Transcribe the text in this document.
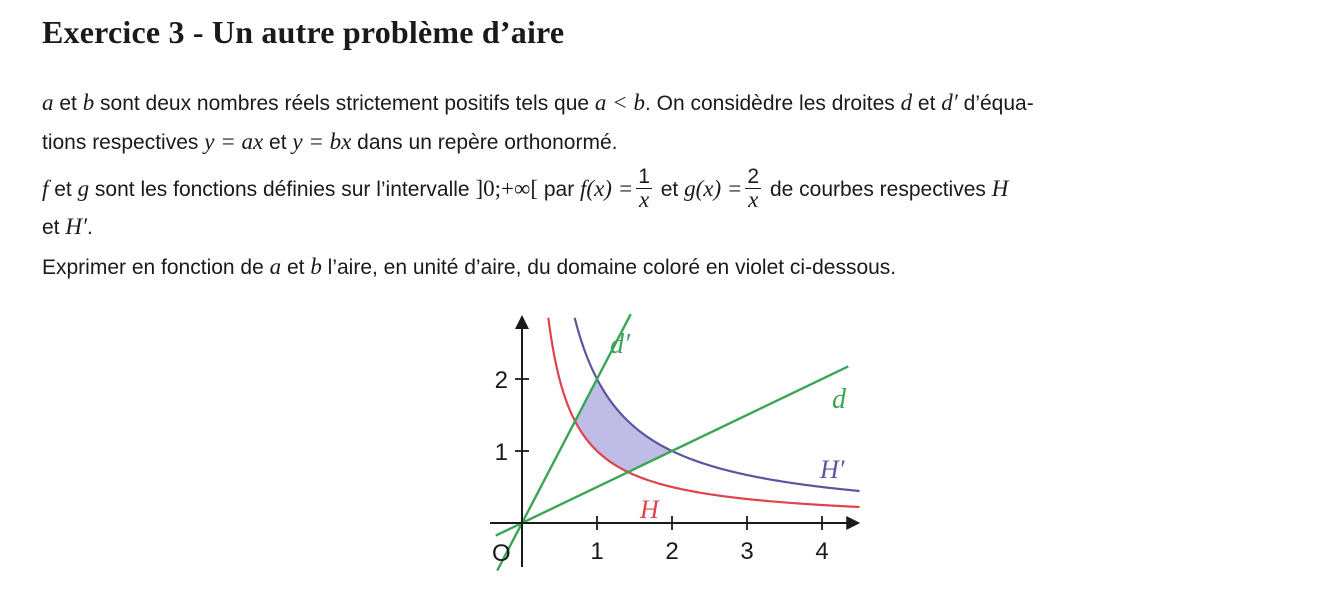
Exercice 3 - Un autre problème d’aire
a et b sont deux nombres réels strictement positifs tels que a < b. On considèdre les droites d et d′ d’équa-
tions respectives y = ax et y = bx dans un repère orthonormé.
f et g sont les fonctions définies sur l’intervalle ]0;+∞[ par $f(x) = \frac{1}{x}$ et $g(x) = \frac{2}{x}$ de courbes respectives H
et H′.
Exprimer en fonction de a et b l’aire, en unité d’aire, du domaine coloré en violet ci-dessous.
O
d
d′
H
H′
1	2	3	4
1
2
